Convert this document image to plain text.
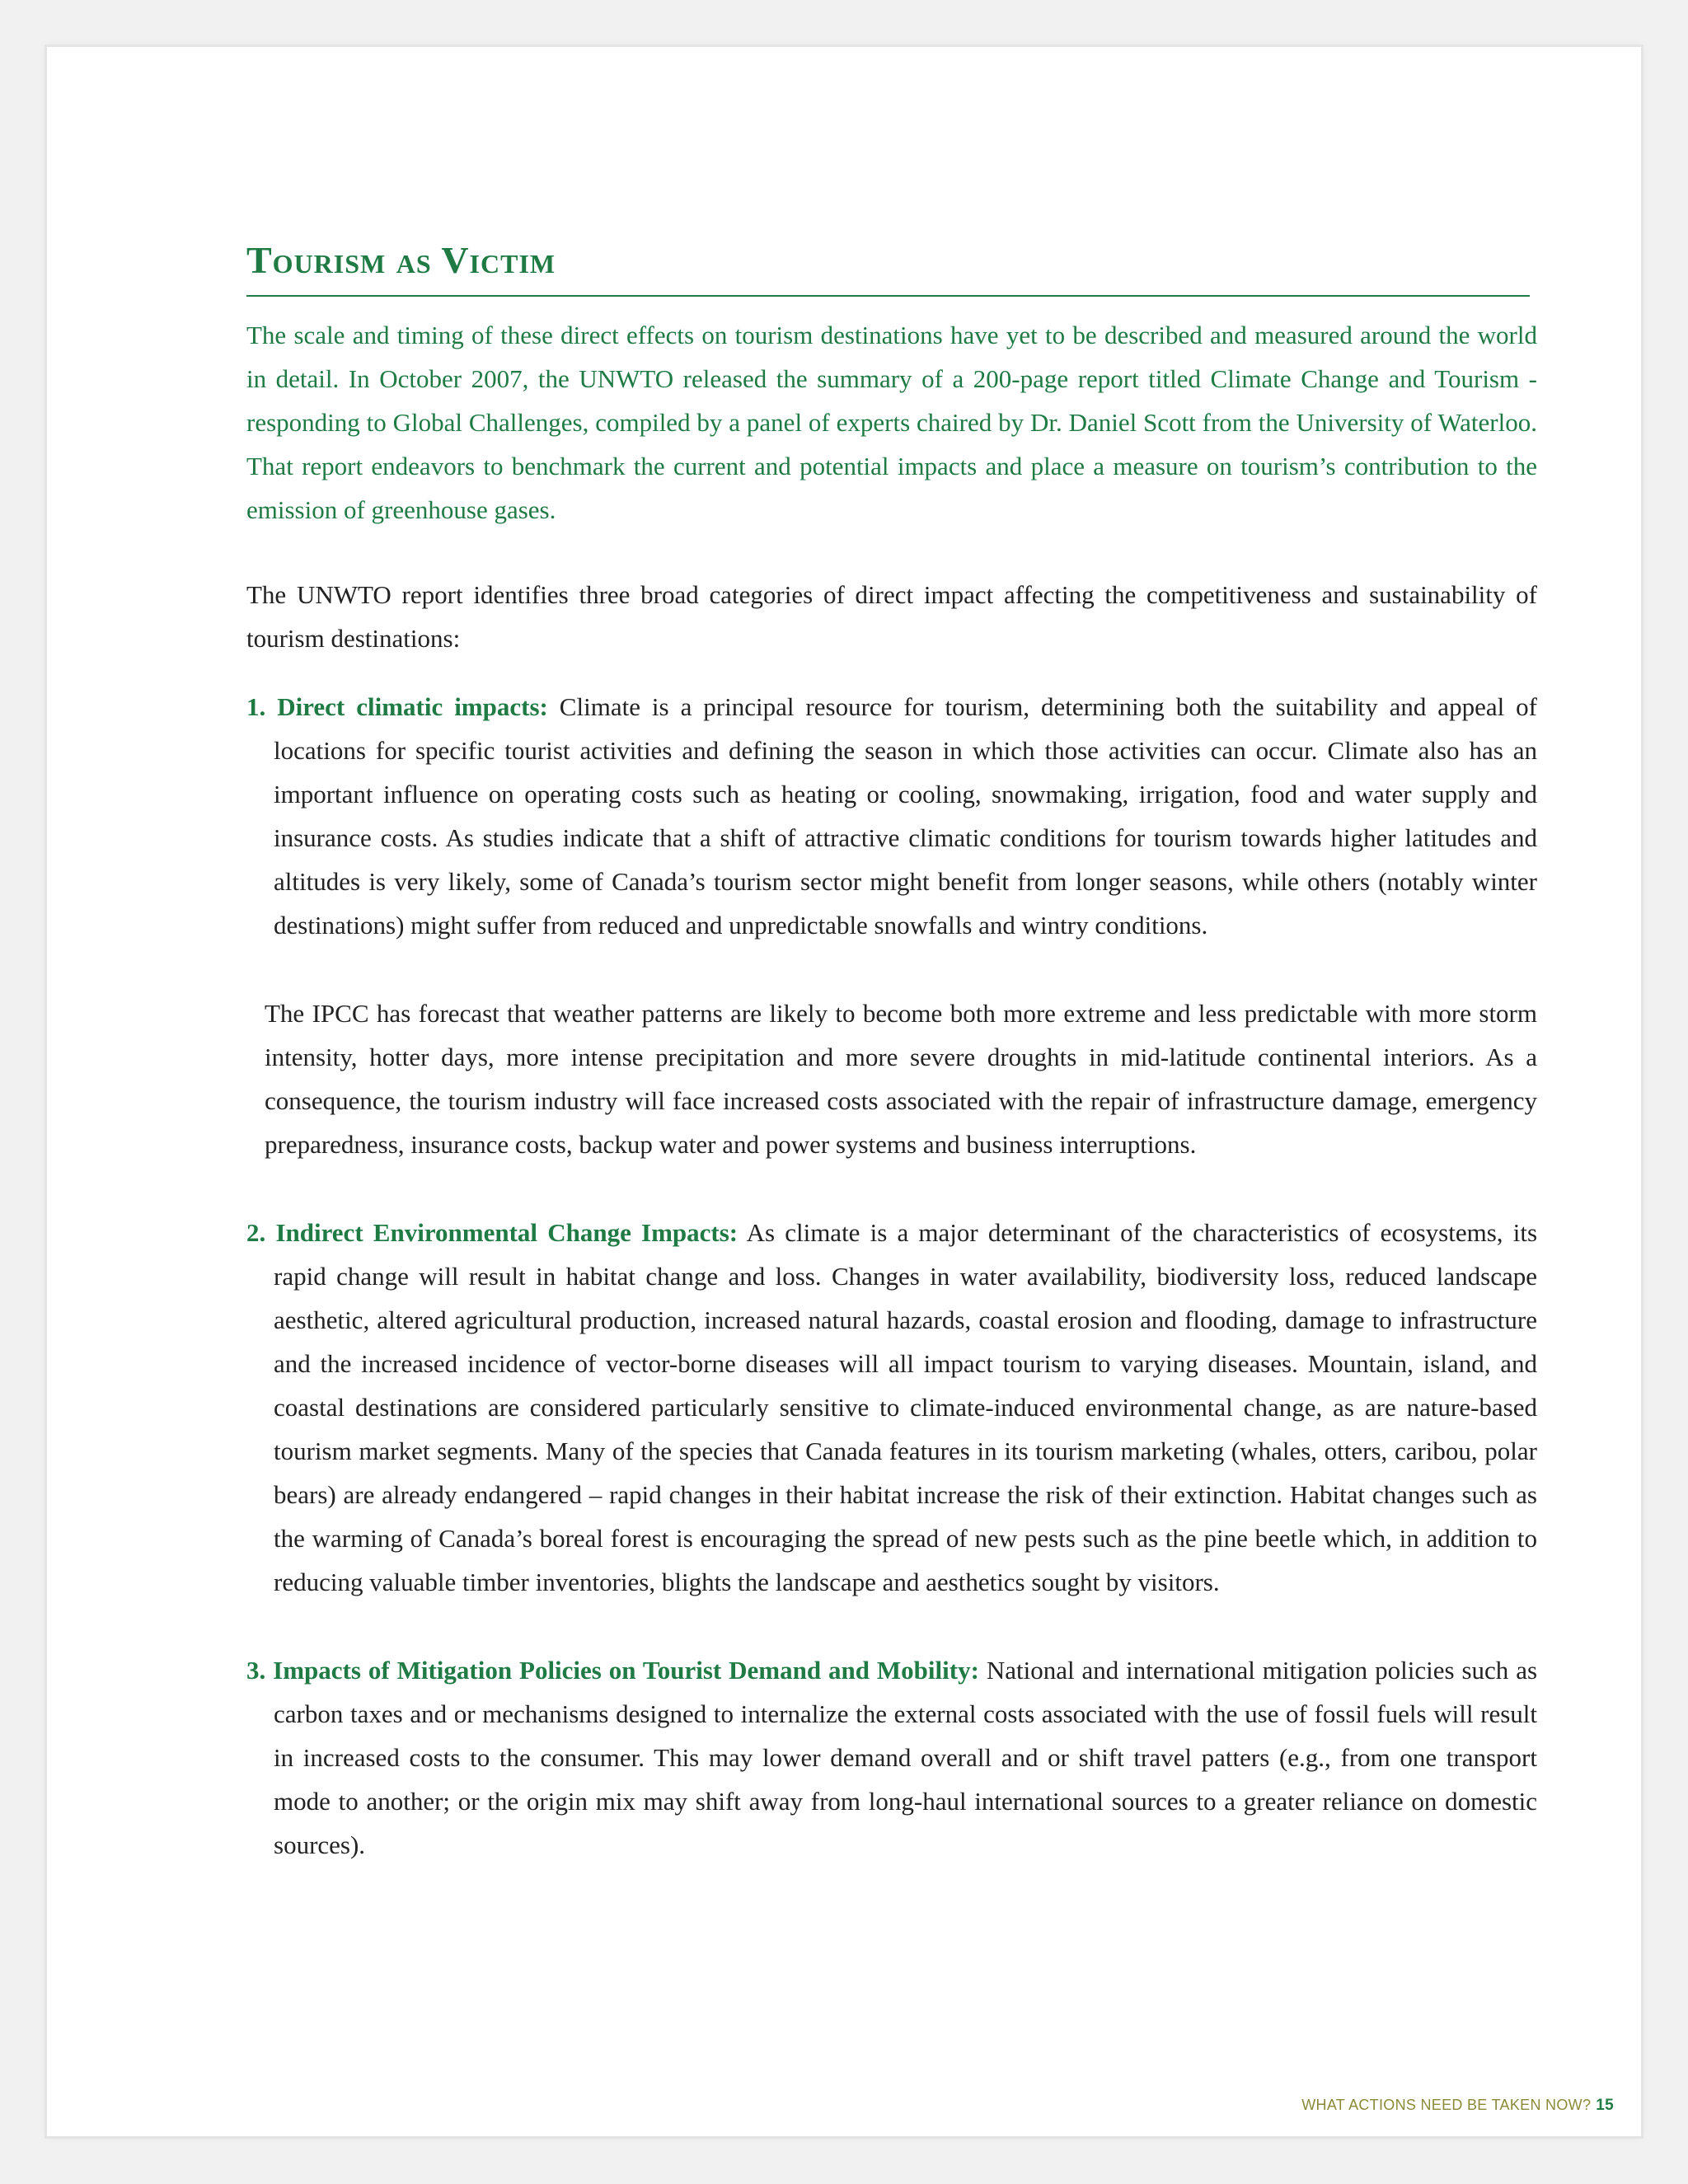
Tourism as Victim

The scale and timing of these direct effects on tourism destinations have yet to be described and measured around the world in detail. In October 2007, the UNWTO released the summary of a 200-page report titled Climate Change and Tourism - responding to Global Challenges, compiled by a panel of experts chaired by Dr. Daniel Scott from the University of Waterloo. That report endeavors to benchmark the current and potential impacts and place a measure on tourism’s contribution to the emission of greenhouse gases.

The UNWTO report identifies three broad categories of direct impact affecting the competitiveness and sustainability of tourism destinations:

1. Direct climatic impacts: Climate is a principal resource for tourism, determining both the suitability and appeal of locations for specific tourist activities and defining the season in which those activities can occur. Climate also has an important influence on operating costs such as heating or cooling, snowmaking, irrigation, food and water supply and insurance costs. As studies indicate that a shift of attractive climatic conditions for tourism towards higher latitudes and altitudes is very likely, some of Canada’s tourism sector might benefit from longer seasons, while others (notably winter destinations) might suffer from reduced and unpredictable snowfalls and wintry conditions.

The IPCC has forecast that weather patterns are likely to become both more extreme and less predictable with more storm intensity, hotter days, more intense precipitation and more severe droughts in mid-latitude continental interiors. As a consequence, the tourism industry will face increased costs associated with the repair of infrastructure damage, emergency preparedness, insurance costs, backup water and power systems and business interruptions.

2. Indirect Environmental Change Impacts: As climate is a major determinant of the characteristics of ecosystems, its rapid change will result in habitat change and loss. Changes in water availability, biodiversity loss, reduced landscape aesthetic, altered agricultural production, increased natural hazards, coastal erosion and flooding, damage to infrastructure and the increased incidence of vector-borne diseases will all impact tourism to varying diseases. Mountain, island, and coastal destinations are considered particularly sensitive to climate-induced environmental change, as are nature-based tourism market segments. Many of the species that Canada features in its tourism marketing (whales, otters, caribou, polar bears) are already endangered – rapid changes in their habitat increase the risk of their extinction. Habitat changes such as the warming of Canada’s boreal forest is encouraging the spread of new pests such as the pine beetle which, in addition to reducing valuable timber inventories, blights the landscape and aesthetics sought by visitors.
3. Impacts of Mitigation Policies on Tourist Demand and Mobility: National and international mitigation policies such as carbon taxes and or mechanisms designed to internalize the external costs associated with the use of fossil fuels will result in increased costs to the consumer. This may lower demand overall and or shift travel patters (e.g., from one transport mode to another; or the origin mix may shift away from long-haul international sources to a greater reliance on domestic sources).
WHAT ACTIONS NEED BE TAKEN NOW? 15
